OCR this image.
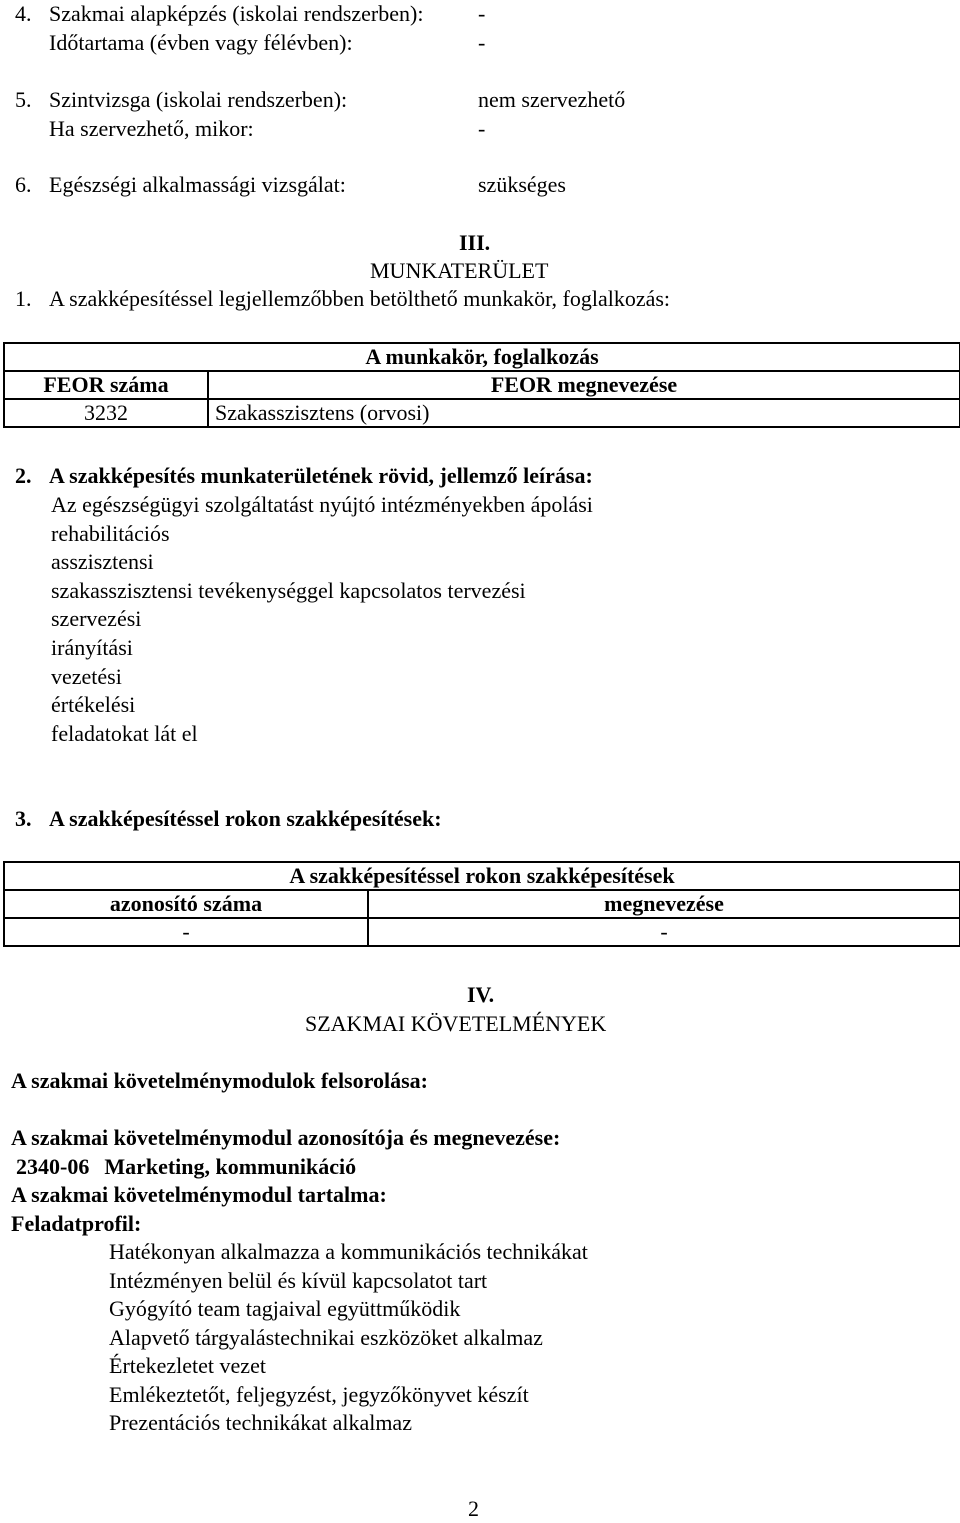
4. Szakmai alapképzés (iskolai rendszerben): -
Időtartama (évben vagy félévben):	-
5. Szintvizsga (iskolai rendszerben):	nem szervezhető
Ha szervezhető, mikor:	-
6. Egészségi alkalmassági vizsgálat:	szükséges
III.
MUNKATERÜLET
1. A szakképesítéssel legjellemzőbben betölthető munkakör, foglalkozás:
A munkakör, foglalkozás	
FEOR száma	FEOR megnevezése
3232	Szakasszisztens (orvosi)
2. A szakképesítés munkaterületének rövid, jellemző leírása:
Az egészségügyi szolgáltatást nyújtó intézményekben ápolási
rehabilitációs
asszisztensi
szakasszisztensi tevékenységgel kapcsolatos tervezési
szervezési
irányítási
vezetési
értékelési
feladatokat lát el
3. A szakképesítéssel rokon szakképesítések:
A szakképesítéssel rokon szakképesítések	
azonosító száma	megnevezése
-	-
IV.
SZAKMAI KÖVETELMÉNYEK
A szakmai követelménymodulok felsorolása:
A szakmai követelménymodul azonosítója és megnevezése:
2340-06 Marketing, kommunikáció
A szakmai követelménymodul tartalma:
Feladatprofil:
Hatékonyan alkalmazza a kommunikációs technikákat
Intézményen belül és kívül kapcsolatot tart
Gyógyító team tagjaival együttműködik
Alapvető tárgyalástechnikai eszközöket alkalmaz
Értekezletet vezet
Emlékeztetőt, feljegyzést, jegyzőkönyvet készít
Prezentációs technikákat alkalmaz
2
